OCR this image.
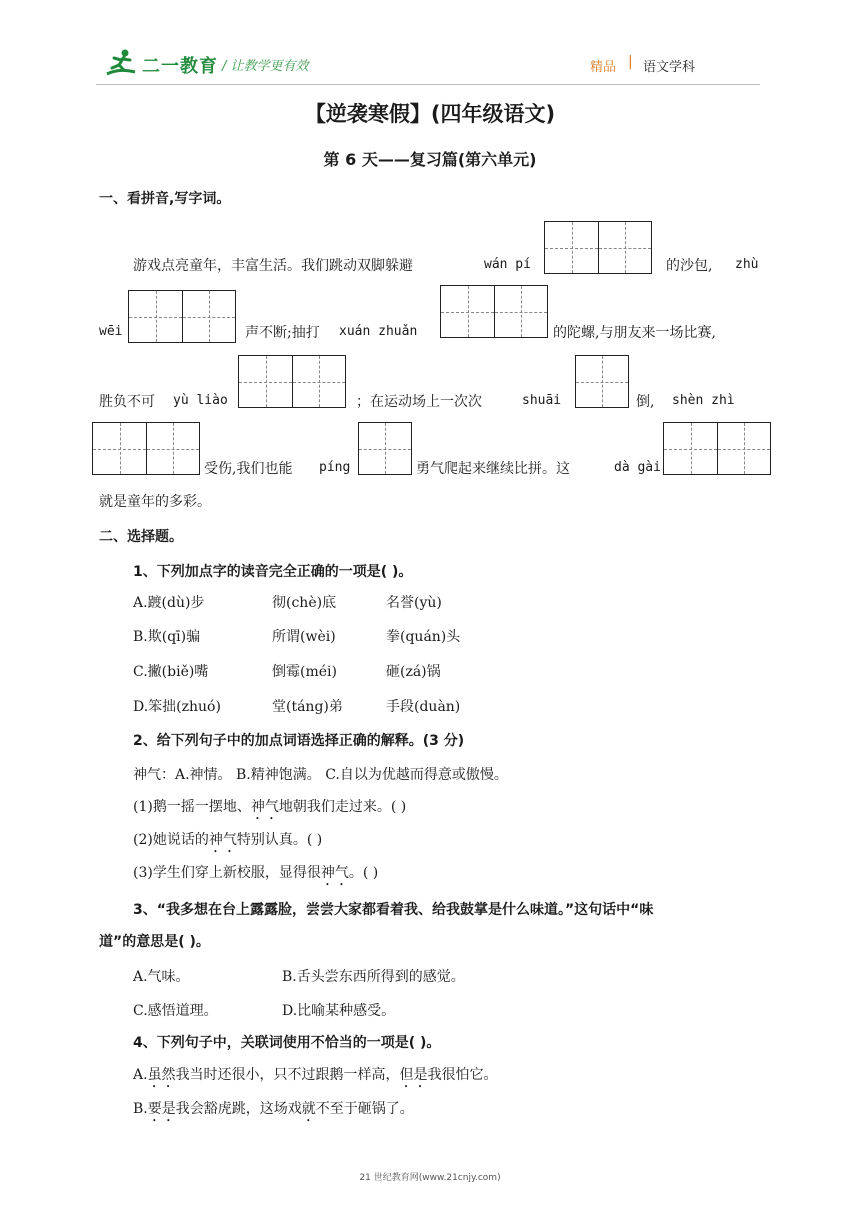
二一教育 / 让教学更有效	精品 | 语文学科
【逆袭寒假】(四年级语文)
第 6 天——复习篇(第六单元)
一、看拼音,写字词。
游戏点亮童年，丰富生活。我们跳动双脚躲避	wán pí	的沙包, zhù
wēi	声不断;抽打 xuán zhuǎn	的陀螺,与朋友来一场比赛,
胜负不可 yù liào	；在运动场上一次次	shuāi	倒, shèn zhì
受伤,我们也能 píng	勇气爬起来继续比拼。这	dà gài
就是童年的多彩。
二、选择题。
1、下列加点字的读音完全正确的一项是( )。
A.踱(dù)步	彻(chè)底	名誉(yù)
B.欺(qī)骗	所谓(wèi)	拳(quán)头
C.撇(biě)嘴	倒霉(méi)	砸(zá)锅
D.笨拙(zhuó)	堂(táng)弟	手段(duàn)
2、给下列句子中的加点词语选择正确的解释。(3 分)
神气：A.神情。 B.精神饱满。 C.自以为优越而得意或傲慢。
(1)鹅一摇一摆地、神气地朝我们走过来。( )
(2)她说话的神气特别认真。( )
(3)学生们穿上新校服，显得很神气。( )
3、“我多想在台上露露脸，尝尝大家都看着我、给我鼓掌是什么味道。”这句话中“味
道”的意思是( )。
A.气味。	B.舌头尝东西所得到的感觉。
C.感悟道理。	D.比喻某种感受。
4、下列句子中，关联词使用不恰当的一项是( )。
A.虽然我当时还很小，只不过跟鹅一样高，但是我很怕它。
B.要是我会豁虎跳，这场戏就不至于砸锅了。
21 世纪教育网(www.21cnjy.com)
